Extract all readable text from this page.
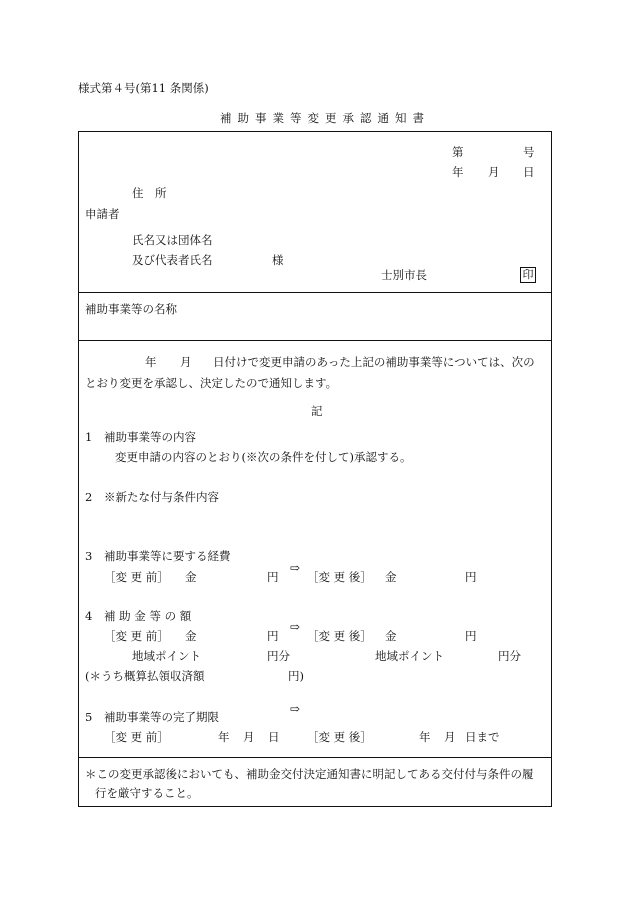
様式第４号(第11 条関係)
補助事業等変更承認通知書
第	号
年 月 日
住　所
申請者
氏名又は団体名
及び代表者氏名	様
士別市長	印
補助事業等の名称
年 月 日付けで変更申請のあった上記の補助事業等については、次の
とおり変更を承認し、決定したので通知します。
記
1 補助事業等の内容
変更申請の内容のとおり(※次の条件を付して)承認する。
2 ※新たな付与条件内容
3 補助事業等に要する経費
［変 更 前］ 金	円
⇨
［変 更 後］ 金	円
4 補 助 金 等 の 額
［変 更 前］ 金	円
⇨
［変 更 後］ 金	円
地域ポイント	円分	地域ポイント	円分
(＊うち概算払領収済額	円)
⇨
5 補助事業等の完了期限
［変 更 前］	年 月 日 ［変 更 後］	年 月 日まで
＊この変更承認後においても、補助金交付決定通知書に明記してある交付付与条件の履
行を厳守すること。
